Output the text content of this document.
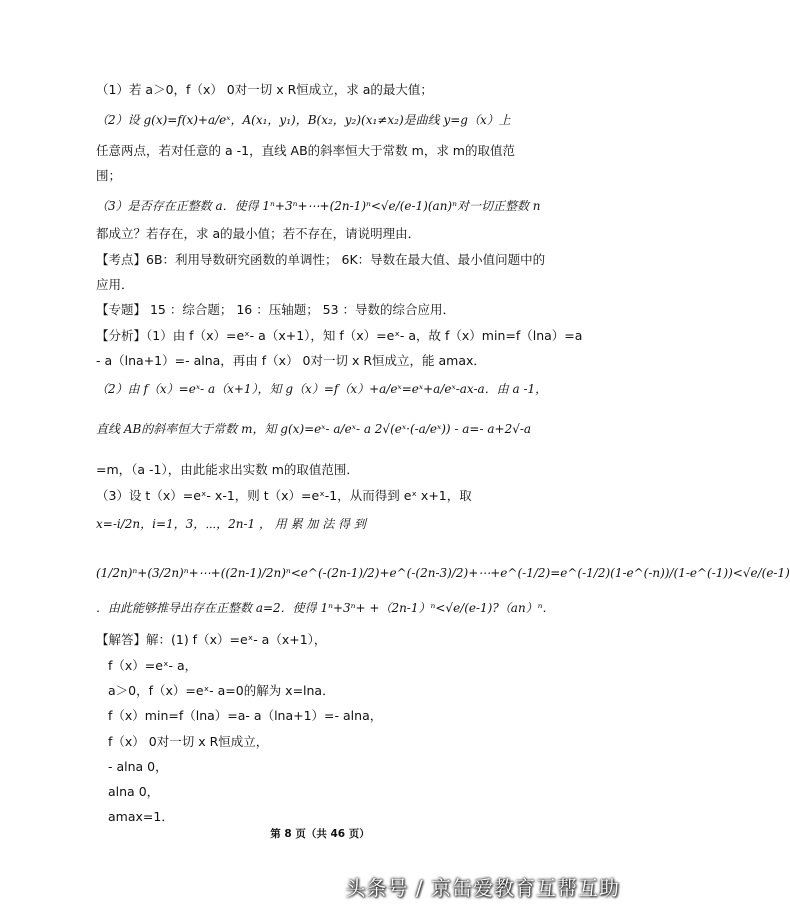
（1）若 a＞0，f（x） 0对一切 x R恒成立，求 a的最大值；
（2）设 g(x)=f(x)+a/eˣ，A(x₁，y₁)，B(x₂，y₂)(x₁≠x₂)是曲线 y=g（x）上
任意两点，若对任意的 a -1，直线 AB的斜率恒大于常数 m，求 m的取值范
围；
（3）是否存在正整数 a．使得 1ⁿ+3ⁿ+⋯+(2n-1)ⁿ<√e/(e-1)(an)ⁿ对一切正整数 n
都成立？若存在，求 a的最小值；若不存在，请说明理由．
【考点】6B：利用导数研究函数的单调性； 6K：导数在最大值、最小值问题中的
应用．
【专题】 15 ：综合题； 16 ：压轴题； 53 ：导数的综合应用．
【分析】（1）由 f（x）=eˣ- a（x+1），知 f（x）=eˣ- a，故 f（x）min=f（lna）=a
- a（lna+1）=- alna，再由 f（x） 0对一切 x R恒成立，能 amax．
（2）由 f（x）=eˣ- a（x+1），知 g（x）=f（x）+a/eˣ=eˣ+a/eˣ-ax-a．由 a -1，
直线 AB的斜率恒大于常数 m，知 g(x)=eˣ- a/eˣ- a 2√(eˣ·(-a/eˣ)) - a=- a+2√-a
=m，（a -1），由此能求出实数 m的取值范围．
（3）设 t（x）=eˣ- x-1，则 t（x）=eˣ-1，从而得到 eˣ x+1，取
x=-i/2n，i=1，3，⋯，2n-1 ， 用 累 加 法 得 到
(1/2n)ⁿ+(3/2n)ⁿ+⋯+((2n-1)/2n)ⁿ<e^(-(2n-1)/2)+e^(-(2n-3)/2)+⋯+e^(-1/2)=e^(-1/2)(1-e^(-n))/(1-e^(-1))<√e/(e-1)
．由此能够推导出存在正整数 a=2．使得 1ⁿ+3ⁿ+ +（2n-1）ⁿ<√e/(e-1)?（an）ⁿ．
【解答】解：(1) f（x）=eˣ- a（x+1），
f（x）=eˣ- a，
a＞0，f（x）=eˣ- a=0的解为 x=lna．
f（x）min=f（lna）=a- a（lna+1）=- alna，
f（x） 0对一切 x R恒成立，
- alna 0，
alna 0，
amax=1．
第 8 页（共 46 页）
头条号 / 京缶爱教育互帮互助
